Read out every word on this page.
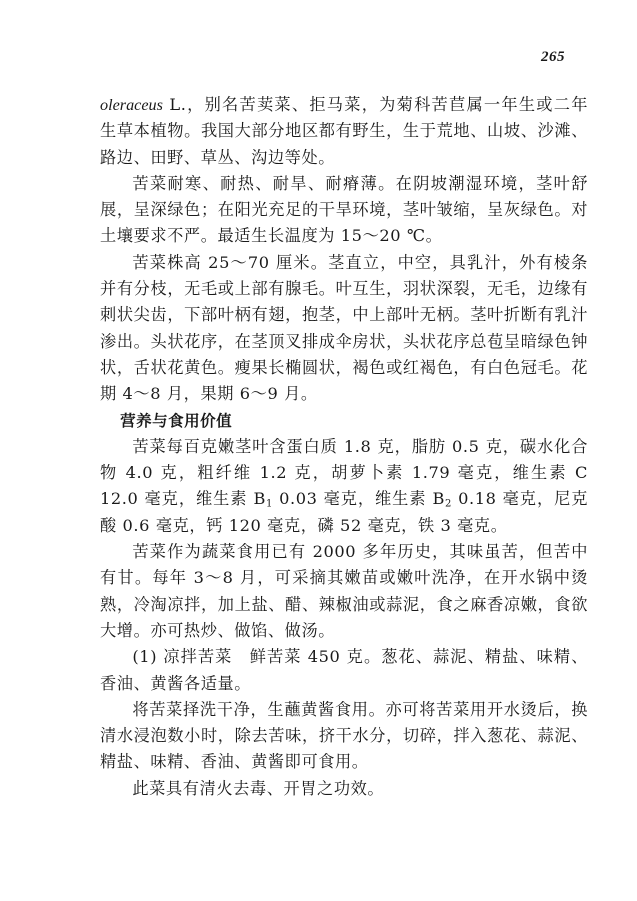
265

oleraceus L.，别名苦荬菜、拒马菜，为菊科苦苣属一年生或二年生草本植物。我国大部分地区都有野生，生于荒地、山坡、沙滩、路边、田野、草丛、沟边等处。

苦菜耐寒、耐热、耐旱、耐瘠薄。在阴坡潮湿环境，茎叶舒展，呈深绿色；在阳光充足的干旱环境，茎叶皱缩，呈灰绿色。对土壤要求不严。最适生长温度为 15～20 ℃。

苦菜株高 25～70 厘米。茎直立，中空，具乳汁，外有棱条并有分枝，无毛或上部有腺毛。叶互生，羽状深裂，无毛，边缘有刺状尖齿，下部叶柄有翅，抱茎，中上部叶无柄。茎叶折断有乳汁渗出。头状花序，在茎顶叉排成伞房状，头状花序总苞呈暗绿色钟状，舌状花黄色。瘦果长椭圆状，褐色或红褐色，有白色冠毛。花期 4～8 月，果期 6～9 月。

营养与食用价值

苦菜每百克嫩茎叶含蛋白质 1.8 克，脂肪 0.5 克，碳水化合物 4.0 克，粗纤维 1.2 克，胡萝卜素 1.79 毫克，维生素 C 12.0 毫克，维生素 $B_1$ 0.03 毫克，维生素 $B_2$ 0.18 毫克，尼克酸 0.6 毫克，钙 120 毫克，磷 52 毫克，铁 3 毫克。

苦菜作为蔬菜食用已有 2000 多年历史，其味虽苦，但苦中有甘。每年 3～8 月，可采摘其嫩苗或嫩叶洗净，在开水锅中烫熟，冷淘凉拌，加上盐、醋、辣椒油或蒜泥，食之麻香凉嫩，食欲大增。亦可热炒、做馅、做汤。

(1) 凉拌苦菜　鲜苦菜 450 克。葱花、蒜泥、精盐、味精、香油、黄酱各适量。

将苦菜择洗干净，生蘸黄酱食用。亦可将苦菜用开水烫后，换清水浸泡数小时，除去苦味，挤干水分，切碎，拌入葱花、蒜泥、精盐、味精、香油、黄酱即可食用。

此菜具有清火去毒、开胃之功效。
